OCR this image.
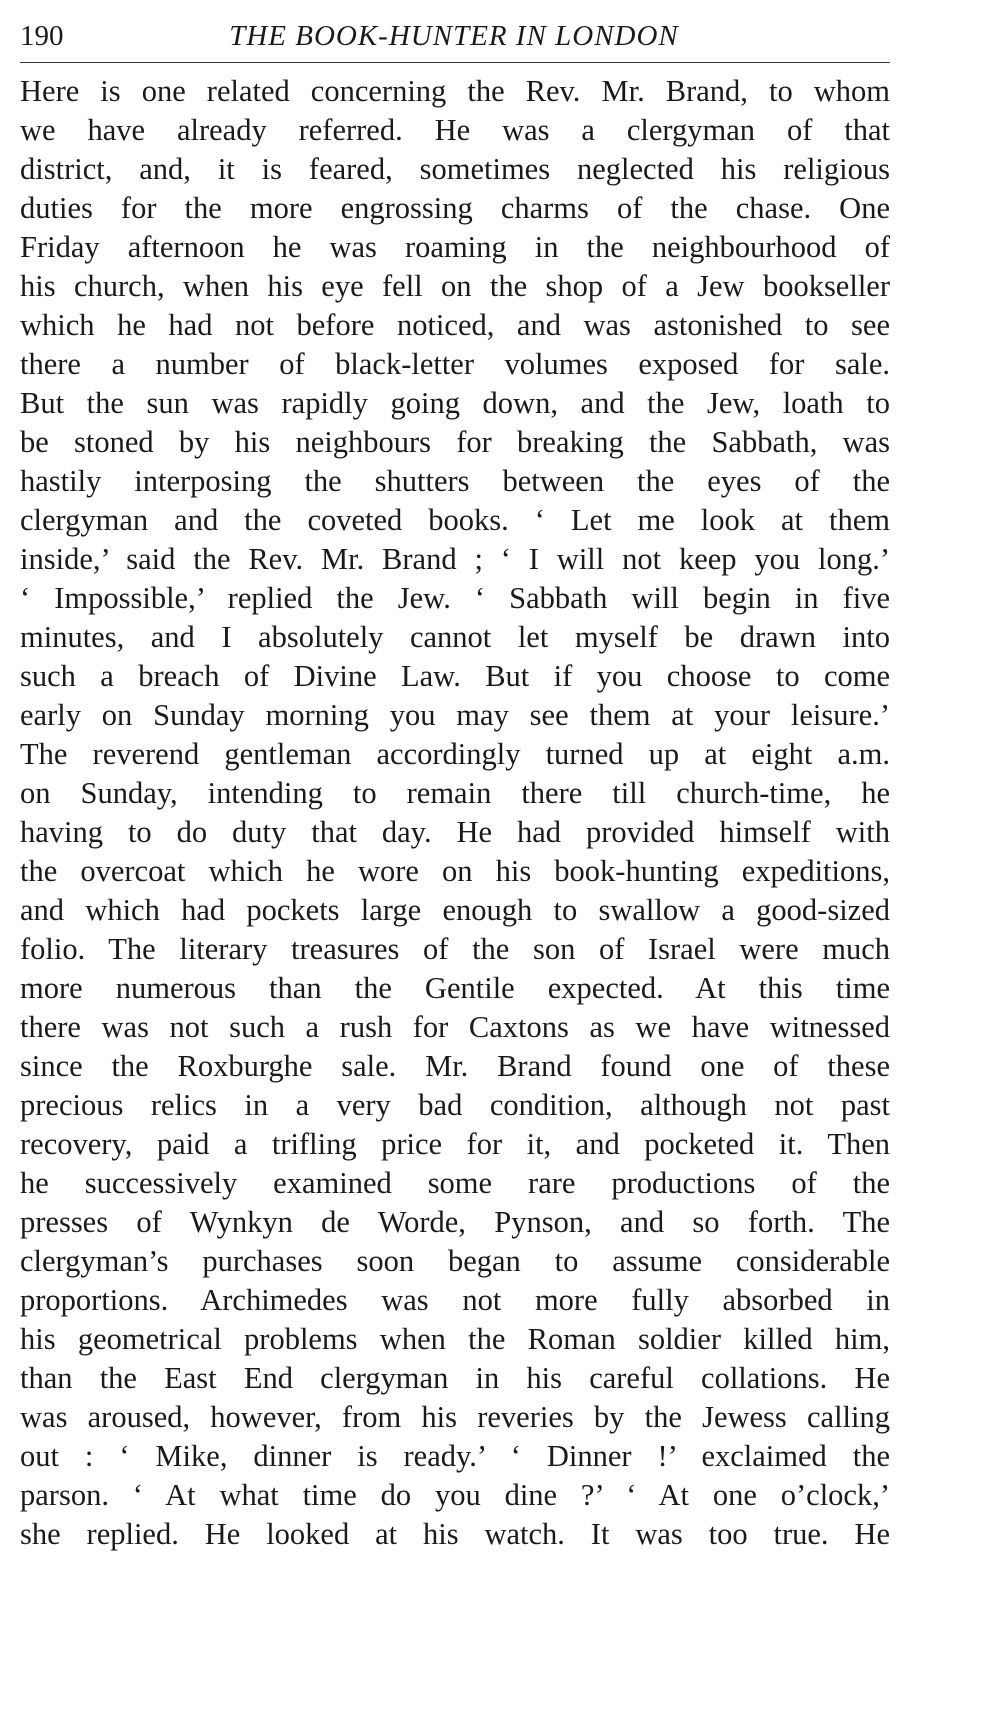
190	THE BOOK-HUNTER IN LONDON
Here is one related concerning the Rev. Mr. Brand, to whom
we have already referred. He was a clergyman of that
district, and, it is feared, sometimes neglected his religious
duties for the more engrossing charms of the chase. One
Friday afternoon he was roaming in the neighbourhood of
his church, when his eye fell on the shop of a Jew bookseller
which he had not before noticed, and was astonished to see
there a number of black-letter volumes exposed for sale.
But the sun was rapidly going down, and the Jew, loath to
be stoned by his neighbours for breaking the Sabbath, was
hastily interposing the shutters between the eyes of the
clergyman and the coveted books. ‘ Let me look at them
inside,’ said the Rev. Mr. Brand ; ‘ I will not keep you long.’
‘ Impossible,’ replied the Jew. ‘ Sabbath will begin in five
minutes, and I absolutely cannot let myself be drawn into
such a breach of Divine Law. But if you choose to come
early on Sunday morning you may see them at your leisure.’
The reverend gentleman accordingly turned up at eight a.m.
on Sunday, intending to remain there till church-time, he
having to do duty that day. He had provided himself with
the overcoat which he wore on his book-hunting expeditions,
and which had pockets large enough to swallow a good-sized
folio. The literary treasures of the son of Israel were much
more numerous than the Gentile expected. At this time
there was not such a rush for Caxtons as we have witnessed
since the Roxburghe sale. Mr. Brand found one of these
precious relics in a very bad condition, although not past
recovery, paid a trifling price for it, and pocketed it. Then
he successively examined some rare productions of the
presses of Wynkyn de Worde, Pynson, and so forth. The
clergyman’s purchases soon began to assume considerable
proportions. Archimedes was not more fully absorbed in
his geometrical problems when the Roman soldier killed him,
than the East End clergyman in his careful collations. He
was aroused, however, from his reveries by the Jewess calling
out : ‘ Mike, dinner is ready.’ ‘ Dinner !’ exclaimed the
parson. ‘ At what time do you dine ?’ ‘ At one o’clock,’
she replied. He looked at his watch. It was too true. He
